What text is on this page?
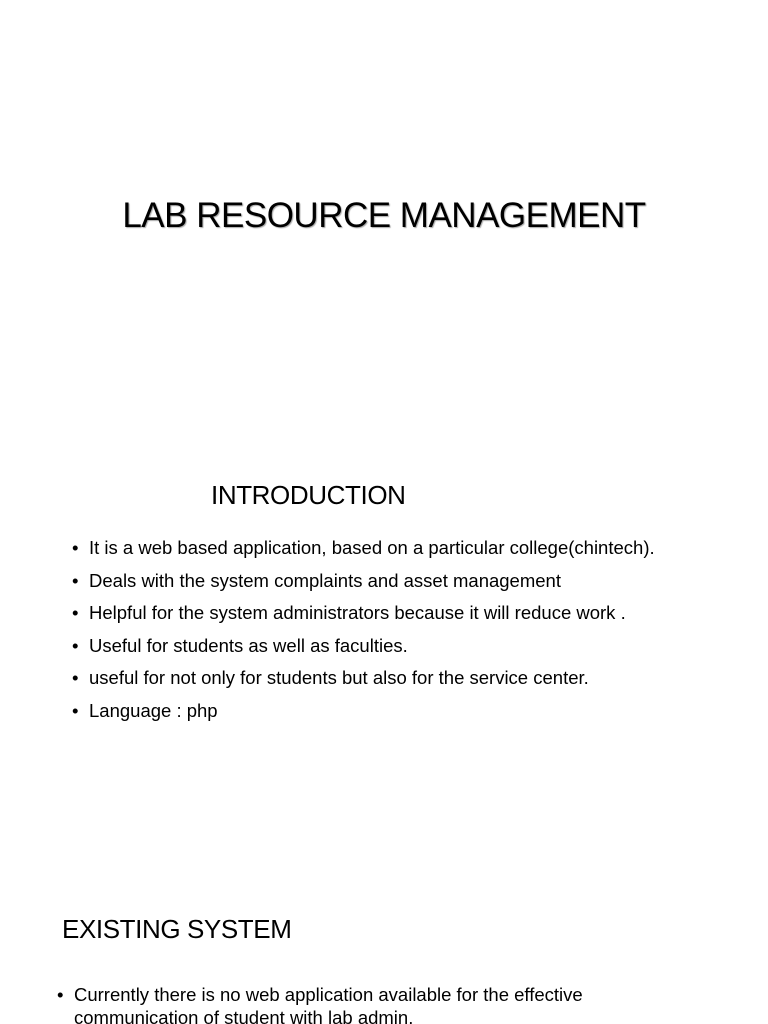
LAB RESOURCE MANAGEMENT
INTRODUCTION
• It is a web based application, based on a particular college(chintech).
• Deals with the system complaints and asset management
• Helpful for the system administrators because it will reduce work .
• Useful for students as well as faculties.
• useful for not only for students but also for the service center.
• Language : php
EXISTING SYSTEM
• Currently there is no web application available for the effective
communication of student with lab admin.
